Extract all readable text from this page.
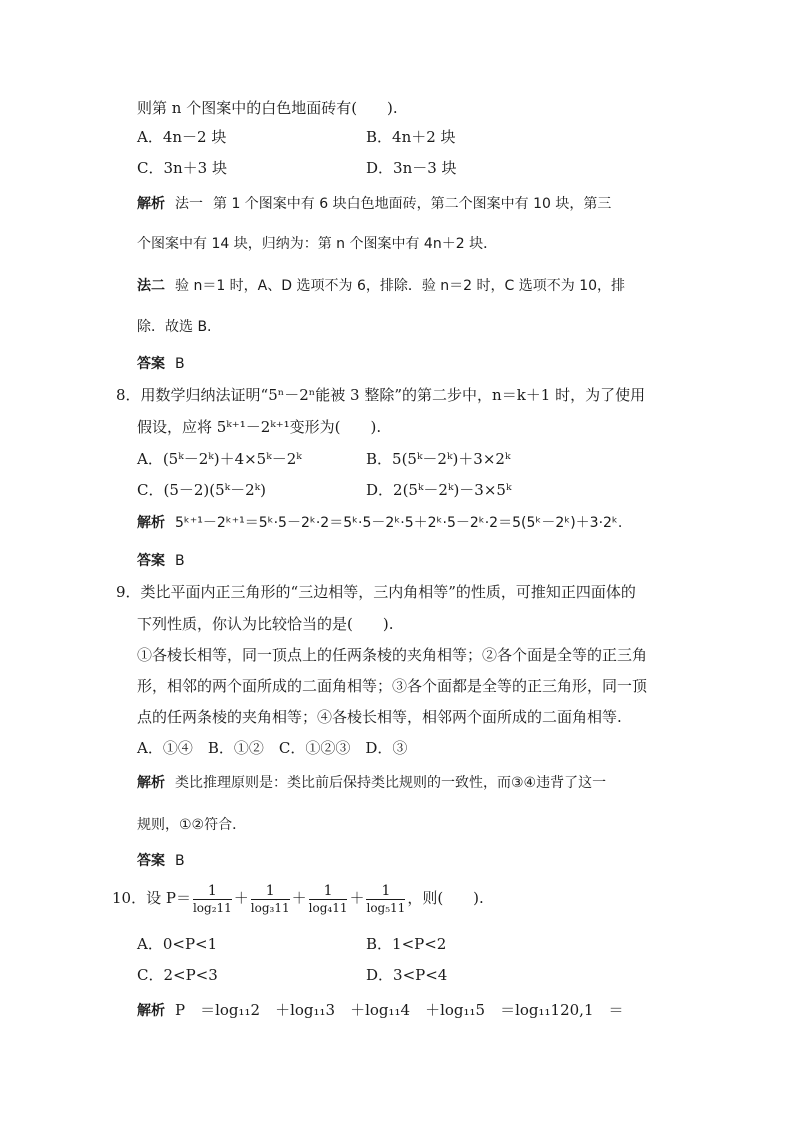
则第 n 个图案中的白色地面砖有(　　).
A．4n－2 块	B．4n＋2 块
C．3n＋3 块	D．3n－3 块
解析 法一 第 1 个图案中有 6 块白色地面砖，第二个图案中有 10 块，第三
个图案中有 14 块，归纳为：第 n 个图案中有 4n＋2 块．
法二 验 n＝1 时，A、D 选项不为 6，排除．验 n＝2 时，C 选项不为 10，排
除．故选 B.
答案 B
8．用数学归纳法证明“5ⁿ－2ⁿ能被 3 整除”的第二步中，n＝k＋1 时，为了使用
假设，应将 5ᵏ⁺¹－2ᵏ⁺¹变形为(　　).
A．(5ᵏ－2ᵏ)＋4×5ᵏ－2ᵏ	B．5(5ᵏ－2ᵏ)＋3×2ᵏ
C．(5－2)(5ᵏ－2ᵏ)	D．2(5ᵏ－2ᵏ)－3×5ᵏ
解析 5ᵏ⁺¹－2ᵏ⁺¹＝5ᵏ·5－2ᵏ·2＝5ᵏ·5－2ᵏ·5＋2ᵏ·5－2ᵏ·2＝5(5ᵏ－2ᵏ)＋3·2ᵏ.
答案 B
9．类比平面内正三角形的“三边相等，三内角相等”的性质，可推知正四面体的
下列性质，你认为比较恰当的是(　　).
①各棱长相等，同一顶点上的任两条棱的夹角相等；②各个面是全等的正三角
形，相邻的两个面所成的二面角相等；③各个面都是全等的正三角形，同一顶
点的任两条棱的夹角相等；④各棱长相等，相邻两个面所成的二面角相等.
A．①④　B．①②　C．①②③　D．③
解析 类比推理原则是：类比前后保持类比规则的一致性，而③④违背了这一
规则，①②符合．
答案 B
10．设 $P= \frac{1}{\text{log₂11}} + \frac{1}{\text{log₃11}} + \frac{1}{\text{log₄11}} + \frac{1}{\text{log₅11}}$ ，则(　　).
A．0<P<1	B．1<P<2
C．2<P<3	D．3<P<4
解析 P　＝log₁₁2　＋log₁₁3　＋log₁₁4　＋log₁₁5　＝log₁₁120,1　＝
